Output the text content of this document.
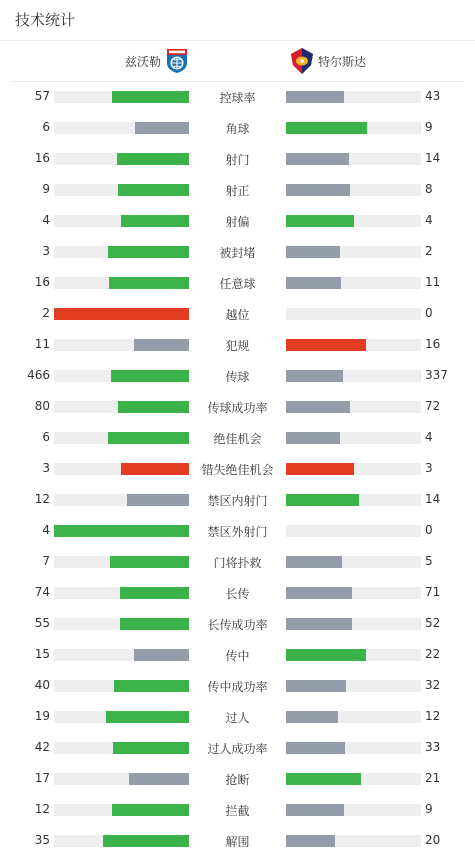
技术统计
兹沃勒	特尔斯达
57	控球率	43
6	角球	9
16	射门	14
9	射正	8
4	射偏	4
3	被封堵	2
16	任意球	11
2	越位	0
11	犯规	16
466	传球	337
80	传球成功率	72
6	绝佳机会	4
3	错失绝佳机会	3
12	禁区内射门	14
4	禁区外射门	0
7	门将扑救	5
74	长传	71
55	长传成功率	52
15	传中	22
40	传中成功率	32
19	过人	12
42	过人成功率	33
17	抢断	21
12	拦截	9
35	解围	20
